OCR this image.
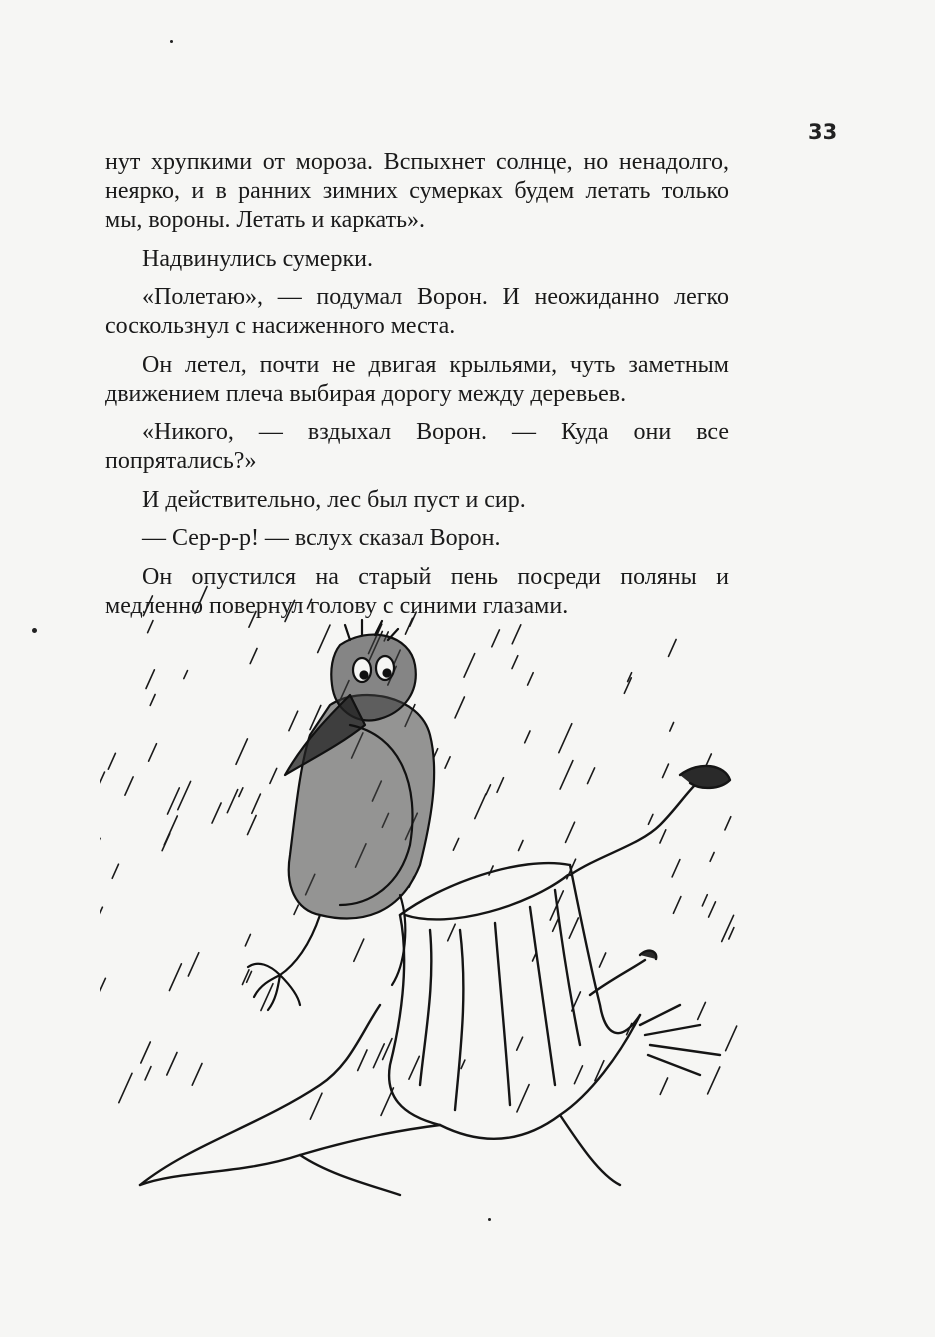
33

нут хрупкими от мороза. Вспыхнет солнце, но ненадолго, неярко, и в ранних зимних сумерках будем летать только мы, вороны. Летать и каркать».

Надвинулись сумерки.

«Полетаю», — подумал Ворон. И неожиданно легко соскользнул с насиженного места.

Он летел, почти не двигая крыльями, чуть заметным движением плеча выбирая дорогу между деревьев.

«Никого, — вздыхал Ворон. — Куда они все попрятались?»

И действительно, лес был пуст и сир.

— Сер-р-р! — вслух сказал Ворон.

Он опустился на старый пень посреди поляны и медленно повернул голову с синими глазами.
